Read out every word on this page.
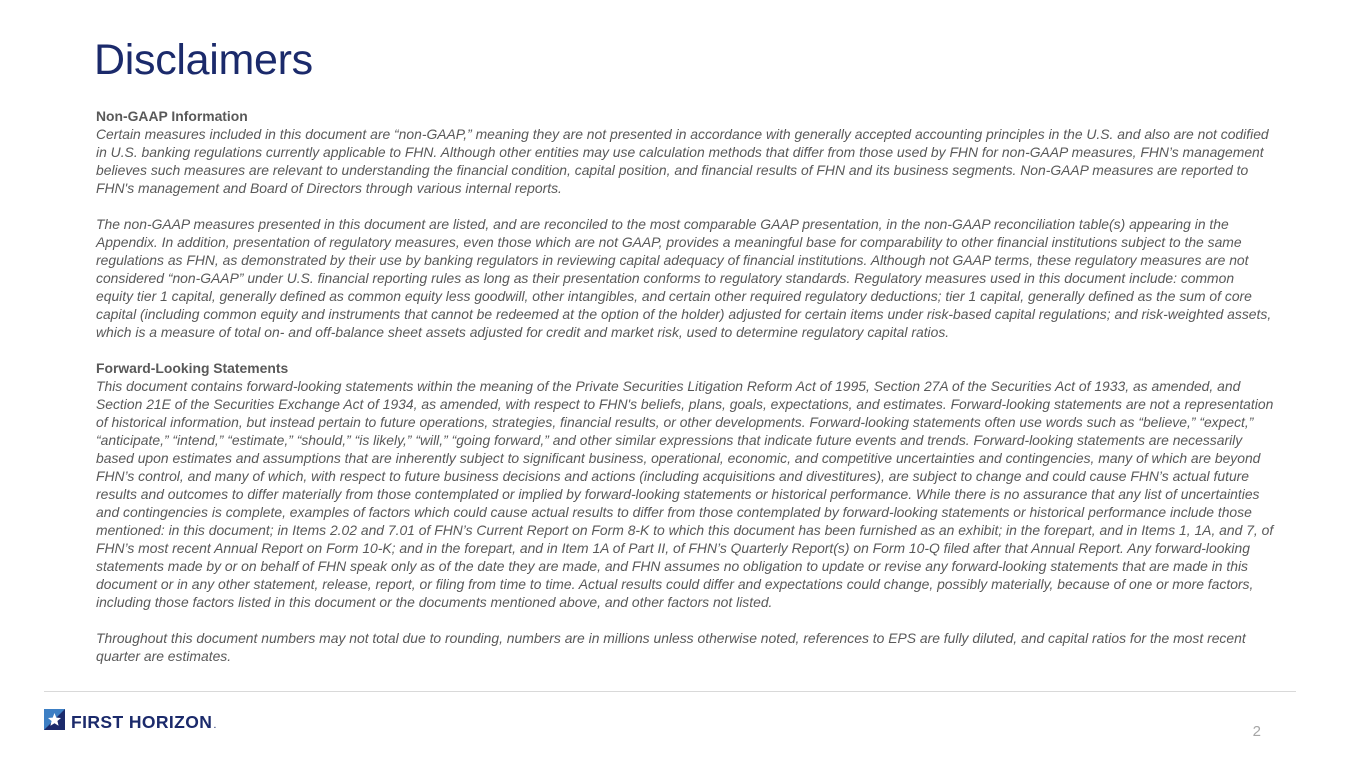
Disclaimers

Non-GAAP Information

Certain measures included in this document are “non-GAAP,” meaning they are not presented in accordance with generally accepted accounting principles in the U.S. and also are not codified in U.S. banking regulations currently applicable to FHN. Although other entities may use calculation methods that differ from those used by FHN for non-GAAP measures, FHN’s management believes such measures are relevant to understanding the financial condition, capital position, and financial results of FHN and its business segments. Non-GAAP measures are reported to FHN's management and Board of Directors through various internal reports.

The non-GAAP measures presented in this document are listed, and are reconciled to the most comparable GAAP presentation, in the non-GAAP reconciliation table(s) appearing in the Appendix. In addition, presentation of regulatory measures, even those which are not GAAP, provides a meaningful base for comparability to other financial institutions subject to the same regulations as FHN, as demonstrated by their use by banking regulators in reviewing capital adequacy of financial institutions. Although not GAAP terms, these regulatory measures are not considered “non-GAAP” under U.S. financial reporting rules as long as their presentation conforms to regulatory standards. Regulatory measures used in this document include: common equity tier 1 capital, generally defined as common equity less goodwill, other intangibles, and certain other required regulatory deductions; tier 1 capital, generally defined as the sum of core capital (including common equity and instruments that cannot be redeemed at the option of the holder) adjusted for certain items under risk-based capital regulations; and risk-weighted assets, which is a measure of total on- and off-balance sheet assets adjusted for credit and market risk, used to determine regulatory capital ratios.

Forward-Looking Statements

This document contains forward-looking statements within the meaning of the Private Securities Litigation Reform Act of 1995, Section 27A of the Securities Act of 1933, as amended, and Section 21E of the Securities Exchange Act of 1934, as amended, with respect to FHN's beliefs, plans, goals, expectations, and estimates. Forward-looking statements are not a representation of historical information, but instead pertain to future operations, strategies, financial results, or other developments. Forward-looking statements often use words such as “believe,” “expect,” “anticipate,” “intend,” “estimate,” “should,” “is likely,” “will,” “going forward,” and other similar expressions that indicate future events and trends. Forward-looking statements are necessarily based upon estimates and assumptions that are inherently subject to significant business, operational, economic, and competitive uncertainties and contingencies, many of which are beyond FHN’s control, and many of which, with respect to future business decisions and actions (including acquisitions and divestitures), are subject to change and could cause FHN’s actual future results and outcomes to differ materially from those contemplated or implied by forward-looking statements or historical performance. While there is no assurance that any list of uncertainties and contingencies is complete, examples of factors which could cause actual results to differ from those contemplated by forward-looking statements or historical performance include those mentioned: in this document; in Items 2.02 and 7.01 of FHN’s Current Report on Form 8-K to which this document has been furnished as an exhibit; in the forepart, and in Items 1, 1A, and 7, of FHN’s most recent Annual Report on Form 10-K; and in the forepart, and in Item 1A of Part II, of FHN’s Quarterly Report(s) on Form 10-Q filed after that Annual Report. Any forward-looking statements made by or on behalf of FHN speak only as of the date they are made, and FHN assumes no obligation to update or revise any forward-looking statements that are made in this document or in any other statement, release, report, or filing from time to time. Actual results could differ and expectations could change, possibly materially, because of one or more factors, including those factors listed in this document or the documents mentioned above, and other factors not listed.

Throughout this document numbers may not total due to rounding, numbers are in millions unless otherwise noted, references to EPS are fully diluted, and capital ratios for the most recent quarter are estimates.

FIRST HORIZON .	2
